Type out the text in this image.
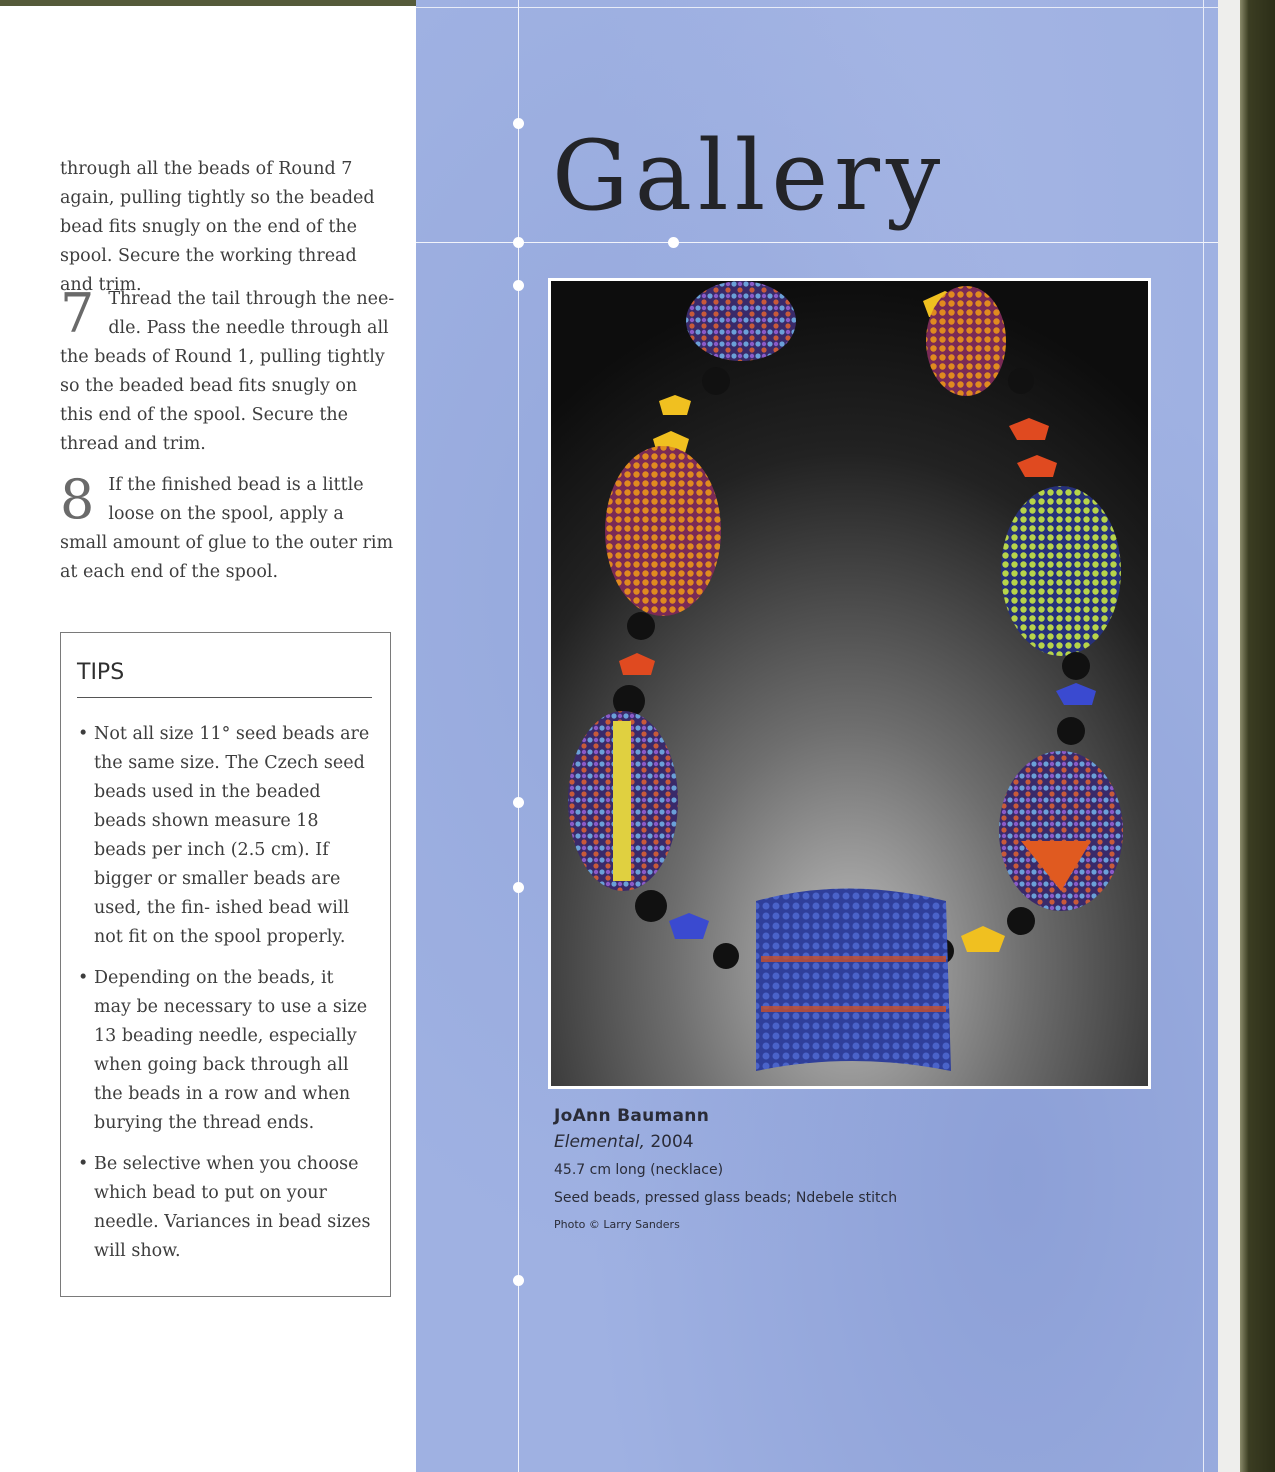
through all the beads of Round 7 again, pulling tightly so the beaded bead fits snugly on the end of the spool. Secure the working thread and trim.

7 Thread the tail through the nee- dle. Pass the needle through all the beads of Round 1, pulling tightly so the beaded bead fits snugly on this end of the spool. Secure the thread and trim.
8 If the finished bead is a little loose on the spool, apply a small amount of glue to the outer rim at each end of the spool.
TIPS
• Not all size 11° seed beads are the same size. The Czech seed beads used in the beaded beads shown measure 18 beads per inch (2.5 cm). If bigger or smaller beads are used, the fin- ished bead will not fit on the spool properly.
• Depending on the beads, it may be necessary to use a size 13 beading needle, especially when going back through all the beads in a row and when burying the thread ends.
• Be selective when you choose which bead to put on your needle. Variances in bead sizes will show.
Gallery
JoAnn Baumann
Elemental, 2004
45.7 cm long (necklace)
Seed beads, pressed glass beads; Ndebele stitch
Photo © Larry Sanders
